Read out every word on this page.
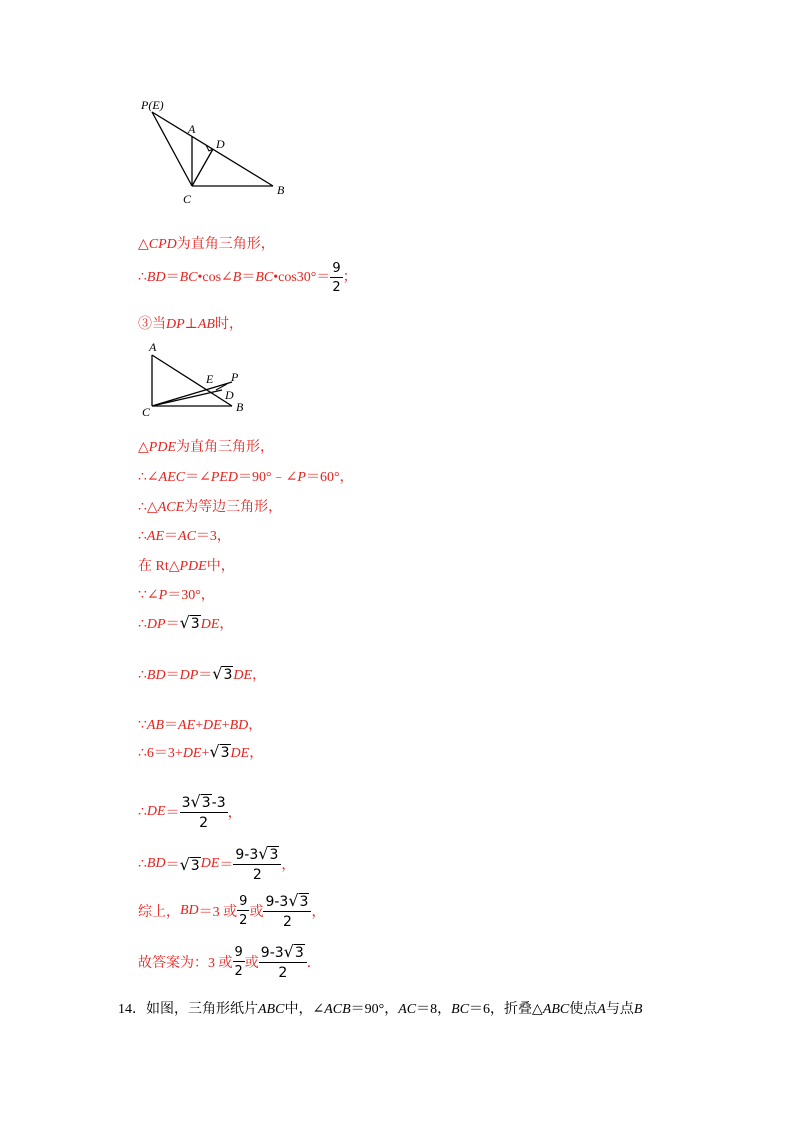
P(E)
A
D
C
B
△CPD为直角三角形，
∴BD＝BC•cos∠B＝BC•cos30°＝ $\frac{9}{2}$ ；
③当DP⊥AB时，
A
E P
D
C	B
△PDE为直角三角形，
∴∠AEC＝∠PED＝90°﹣∠P＝60°，
∴△ACE为等边三角形，
∴AE＝AC＝3，
在 Rt△PDE中，
∵∠P＝30°，
∴DP＝√3DE，
∴BD＝DP＝√3DE，
∵AB＝AE+DE+BD，
∴6＝3+DE+√3DE，
∴DE＝ $\frac{3√3-3}{2}$ ，
∴BD＝√3DE＝ $\frac{9-3√3}{2}$ ，
综上，BD＝3 或 $\frac{9}{2}$ 或 $\frac{9-3√3}{2}$ ，
故答案为：3 或 $\frac{9}{2}$ 或 $\frac{9-3√3}{2}$ ．
14．如图，三角形纸片ABC中，∠ACB＝90°，AC＝8，BC＝6，折叠△ABC使点A与点B
